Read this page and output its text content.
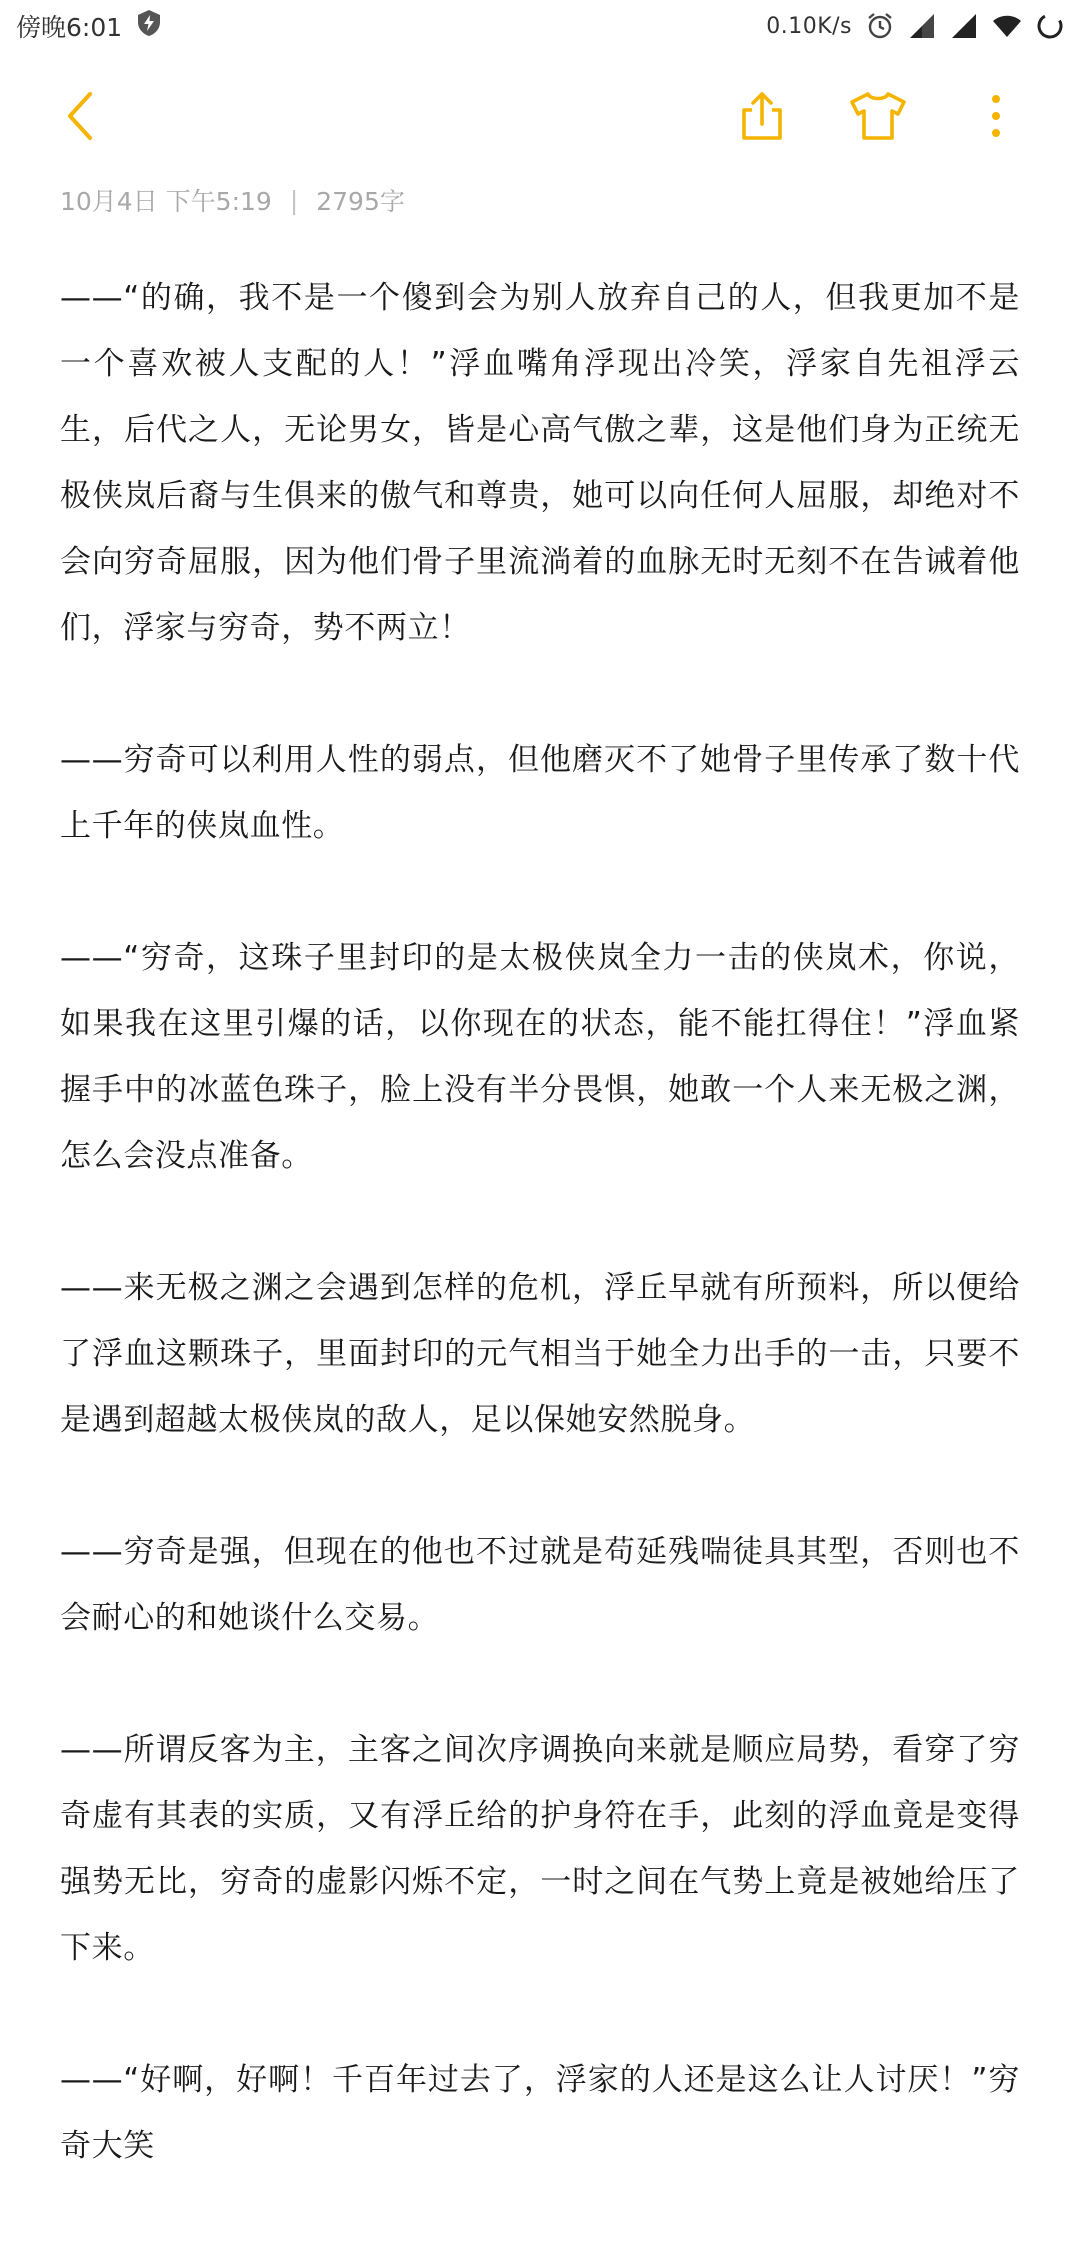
傍晚6:01	0.10K/s
10月4日 下午5:19 | 2795字

——“的确，我不是一个傻到会为别人放弃自己的人，但我更加不是一个喜欢被人支配的人！”浮血嘴角浮现出冷笑，浮家自先祖浮云生，后代之人，无论男女，皆是心高气傲之辈，这是他们身为正统无极侠岚后裔与生俱来的傲气和尊贵，她可以向任何人屈服，却绝对不会向穷奇屈服，因为他们骨子里流淌着的血脉无时无刻不在告诫着他们，浮家与穷奇，势不两立！

——穷奇可以利用人性的弱点，但他磨灭不了她骨子里传承了数十代上千年的侠岚血性。

——“穷奇，这珠子里封印的是太极侠岚全力一击的侠岚术，你说，如果我在这里引爆的话，以你现在的状态，能不能扛得住！”浮血紧握手中的冰蓝色珠子，脸上没有半分畏惧，她敢一个人来无极之渊，怎么会没点准备。

——来无极之渊之会遇到怎样的危机，浮丘早就有所预料，所以便给了浮血这颗珠子，里面封印的元气相当于她全力出手的一击，只要不是遇到超越太极侠岚的敌人，足以保她安然脱身。

——穷奇是强，但现在的他也不过就是苟延残喘徒具其型，否则也不会耐心的和她谈什么交易。

——所谓反客为主，主客之间次序调换向来就是顺应局势，看穿了穷奇虚有其表的实质，又有浮丘给的护身符在手，此刻的浮血竟是变得强势无比，穷奇的虚影闪烁不定，一时之间在气势上竟是被她给压了下来。

——“好啊，好啊！千百年过去了，浮家的人还是这么让人讨厌！”穷奇大笑
